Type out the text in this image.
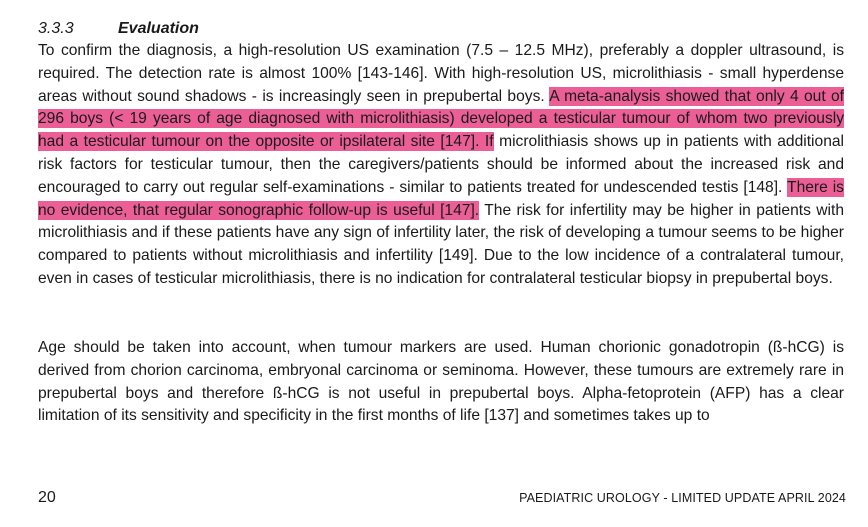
3.3.3	Evaluation

To confirm the diagnosis, a high-resolution US examination (7.5 – 12.5 MHz), preferably a doppler ultrasound, is required. The detection rate is almost 100% [143-146]. With high-resolution US, microlithiasis - small hyperdense areas without sound shadows - is increasingly seen in prepubertal boys. A meta-analysis showed that only 4 out of 296 boys (< 19 years of age diagnosed with microlithiasis) developed a testicular tumour of whom two previously had a testicular tumour on the opposite or ipsilateral site [147]. If microlithiasis shows up in patients with additional risk factors for testicular tumour, then the caregivers/patients should be informed about the increased risk and encouraged to carry out regular self-examinations - similar to patients treated for undescended testis [148]. There is no evidence, that regular sonographic follow-up is useful [147]. The risk for infertility may be higher in patients with microlithiasis and if these patients have any sign of infertility later, the risk of developing a tumour seems to be higher compared to patients without microlithiasis and infertility [149]. Due to the low incidence of a contralateral tumour, even in cases of testicular microlithiasis, there is no indication for contralateral testicular biopsy in prepubertal boys.

Age should be taken into account, when tumour markers are used. Human chorionic gonadotropin (ß-hCG) is derived from chorion carcinoma, embryonal carcinoma or seminoma. However, these tumours are extremely rare in prepubertal boys and therefore ß-hCG is not useful in prepubertal boys. Alpha-fetoprotein (AFP) has a clear limitation of its sensitivity and specificity in the first months of life [137] and sometimes takes up to

20	PAEDIATRIC UROLOGY - LIMITED UPDATE APRIL 2024
